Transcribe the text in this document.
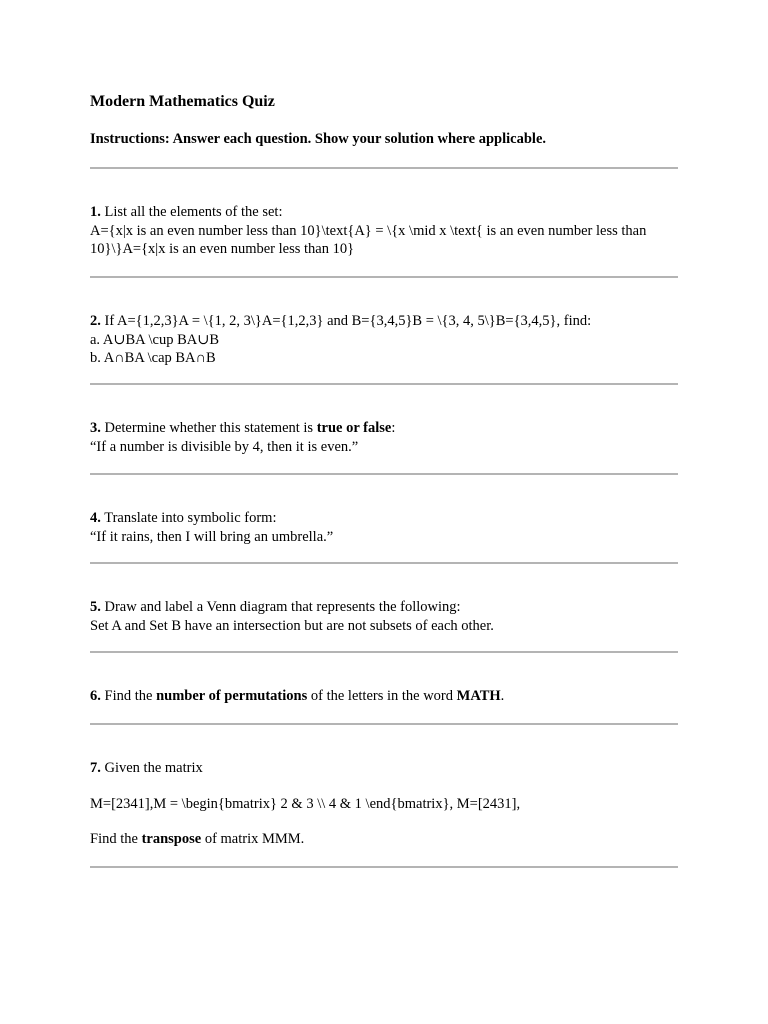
Modern Mathematics Quiz
Instructions: Answer each question. Show your solution where applicable.
1. List all the elements of the set:
A={x|x is an even number less than 10}\text{A} = \{x \mid x \text{ is an even number less than 10}\}A={x|x is an even number less than 10}
2. If A={1,2,3}A = \{1, 2, 3\}A={1,2,3} and B={3,4,5}B = \{3, 4, 5\}B={3,4,5}, find:
a. A∪BA \cup BA∪B
b. A∩BA \cap BA∩B
3. Determine whether this statement is true or false:
“If a number is divisible by 4, then it is even.”
4. Translate into symbolic form:
“If it rains, then I will bring an umbrella.”
5. Draw and label a Venn diagram that represents the following:
Set A and Set B have an intersection but are not subsets of each other.
6. Find the number of permutations of the letters in the word MATH.
7. Given the matrix
M=[2341],M = \begin{bmatrix} 2 & 3 \\ 4 & 1 \end{bmatrix}, M=[2431],
Find the transpose of matrix MMM.
